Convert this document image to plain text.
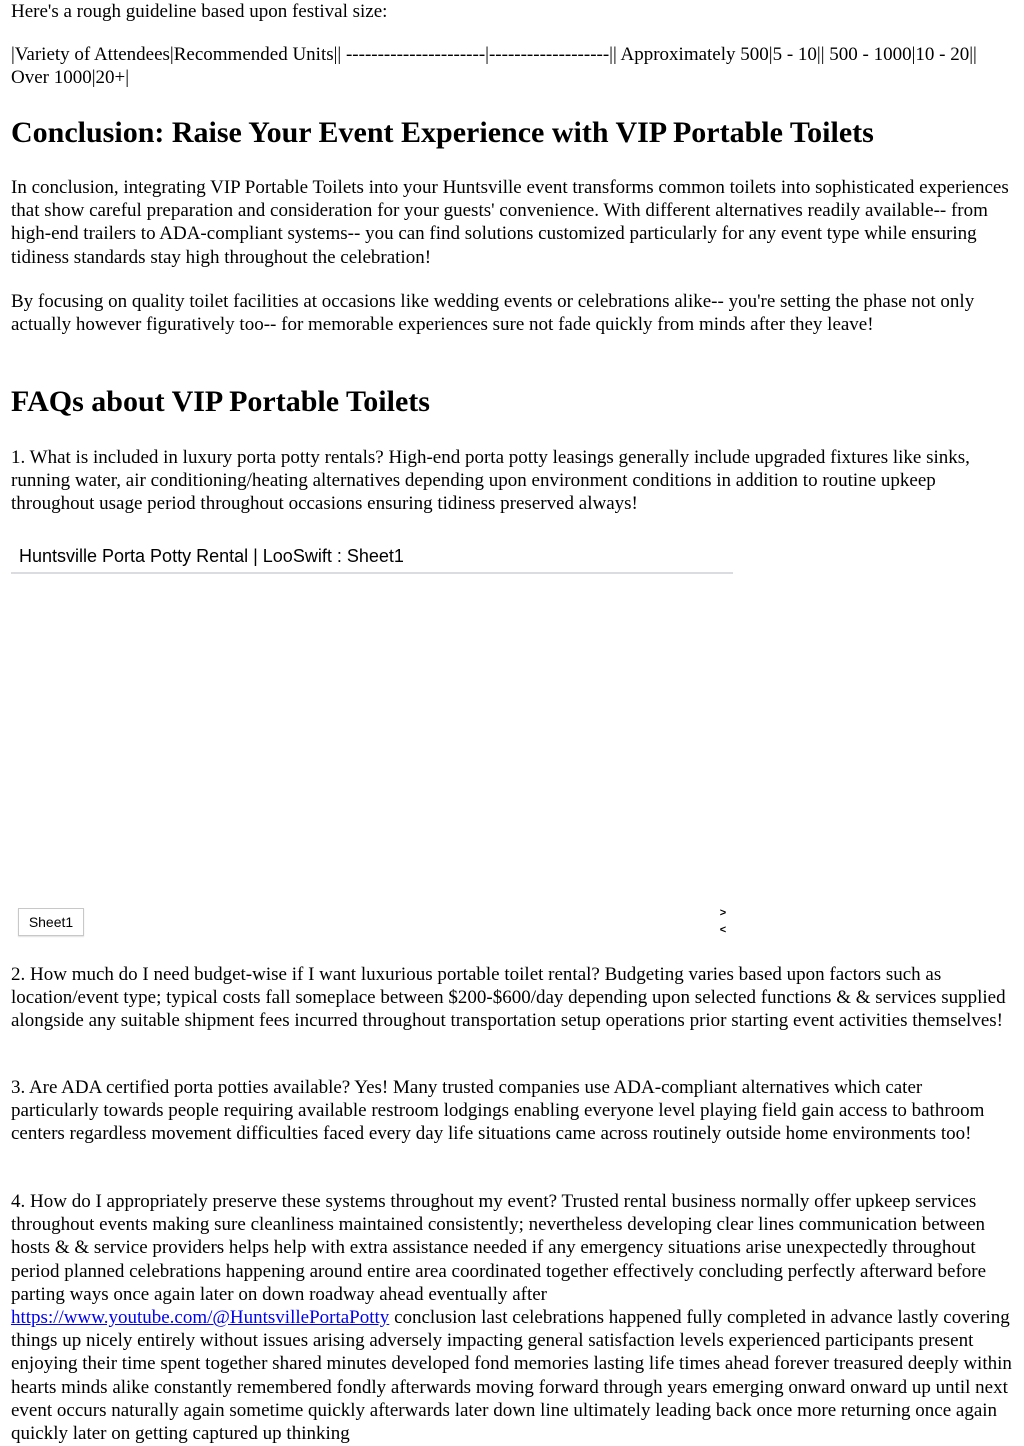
Here's a rough guideline based upon festival size:

|Variety of Attendees|Recommended Units|| ----------------------|-------------------|| Approximately 500|5 - 10|| 500 - 1000|10 - 20|| Over 1000|20+|

Conclusion: Raise Your Event Experience with VIP Portable Toilets

In conclusion, integrating VIP Portable Toilets into your Huntsville event transforms common toilets into sophisticated experiences that show careful preparation and consideration for your guests' convenience. With different alternatives readily available-- from high-end trailers to ADA-compliant systems-- you can find solutions customized particularly for any event type while ensuring tidiness standards stay high throughout the celebration!

By focusing on quality toilet facilities at occasions like wedding events or celebrations alike-- you're setting the phase not only actually however figuratively too-- for memorable experiences sure not fade quickly from minds after they leave!

FAQs about VIP Portable Toilets

1. What is included in luxury porta potty rentals? High-end porta potty leasings generally include upgraded fixtures like sinks, running water, air conditioning/heating alternatives depending upon environment conditions in addition to routine upkeep throughout usage period throughout occasions ensuring tidiness preserved always!

Huntsville Porta Potty Rental | LooSwift : Sheet1
Sheet1
>
<

2. How much do I need budget-wise if I want luxurious portable toilet rental? Budgeting varies based upon factors such as location/event type; typical costs fall someplace between $200-$600/day depending upon selected functions & & services supplied alongside any suitable shipment fees incurred throughout transportation setup operations prior starting event activities themselves!

3. Are ADA certified porta potties available? Yes! Many trusted companies use ADA-compliant alternatives which cater particularly towards people requiring available restroom lodgings enabling everyone level playing field gain access to bathroom centers regardless movement difficulties faced every day life situations came across routinely outside home environments too!

4. How do I appropriately preserve these systems throughout my event? Trusted rental business normally offer upkeep services throughout events making sure cleanliness maintained consistently; nevertheless developing clear lines communication between hosts & & service providers helps help with extra assistance needed if any emergency situations arise unexpectedly throughout period planned celebrations happening around entire area coordinated together effectively concluding perfectly afterward before parting ways once again later on down roadway ahead eventually after
https://www.youtube.com/@HuntsvillePortaPotty conclusion last celebrations happened fully completed in advance lastly covering things up nicely entirely without issues arising adversely impacting general satisfaction levels experienced participants present enjoying their time spent together shared minutes developed fond memories lasting life times ahead forever treasured deeply within hearts minds alike constantly remembered fondly afterwards moving forward through years emerging onward onward up until next event occurs naturally again sometime quickly afterwards later down line ultimately leading back once more returning once again quickly later on getting captured up thinking
